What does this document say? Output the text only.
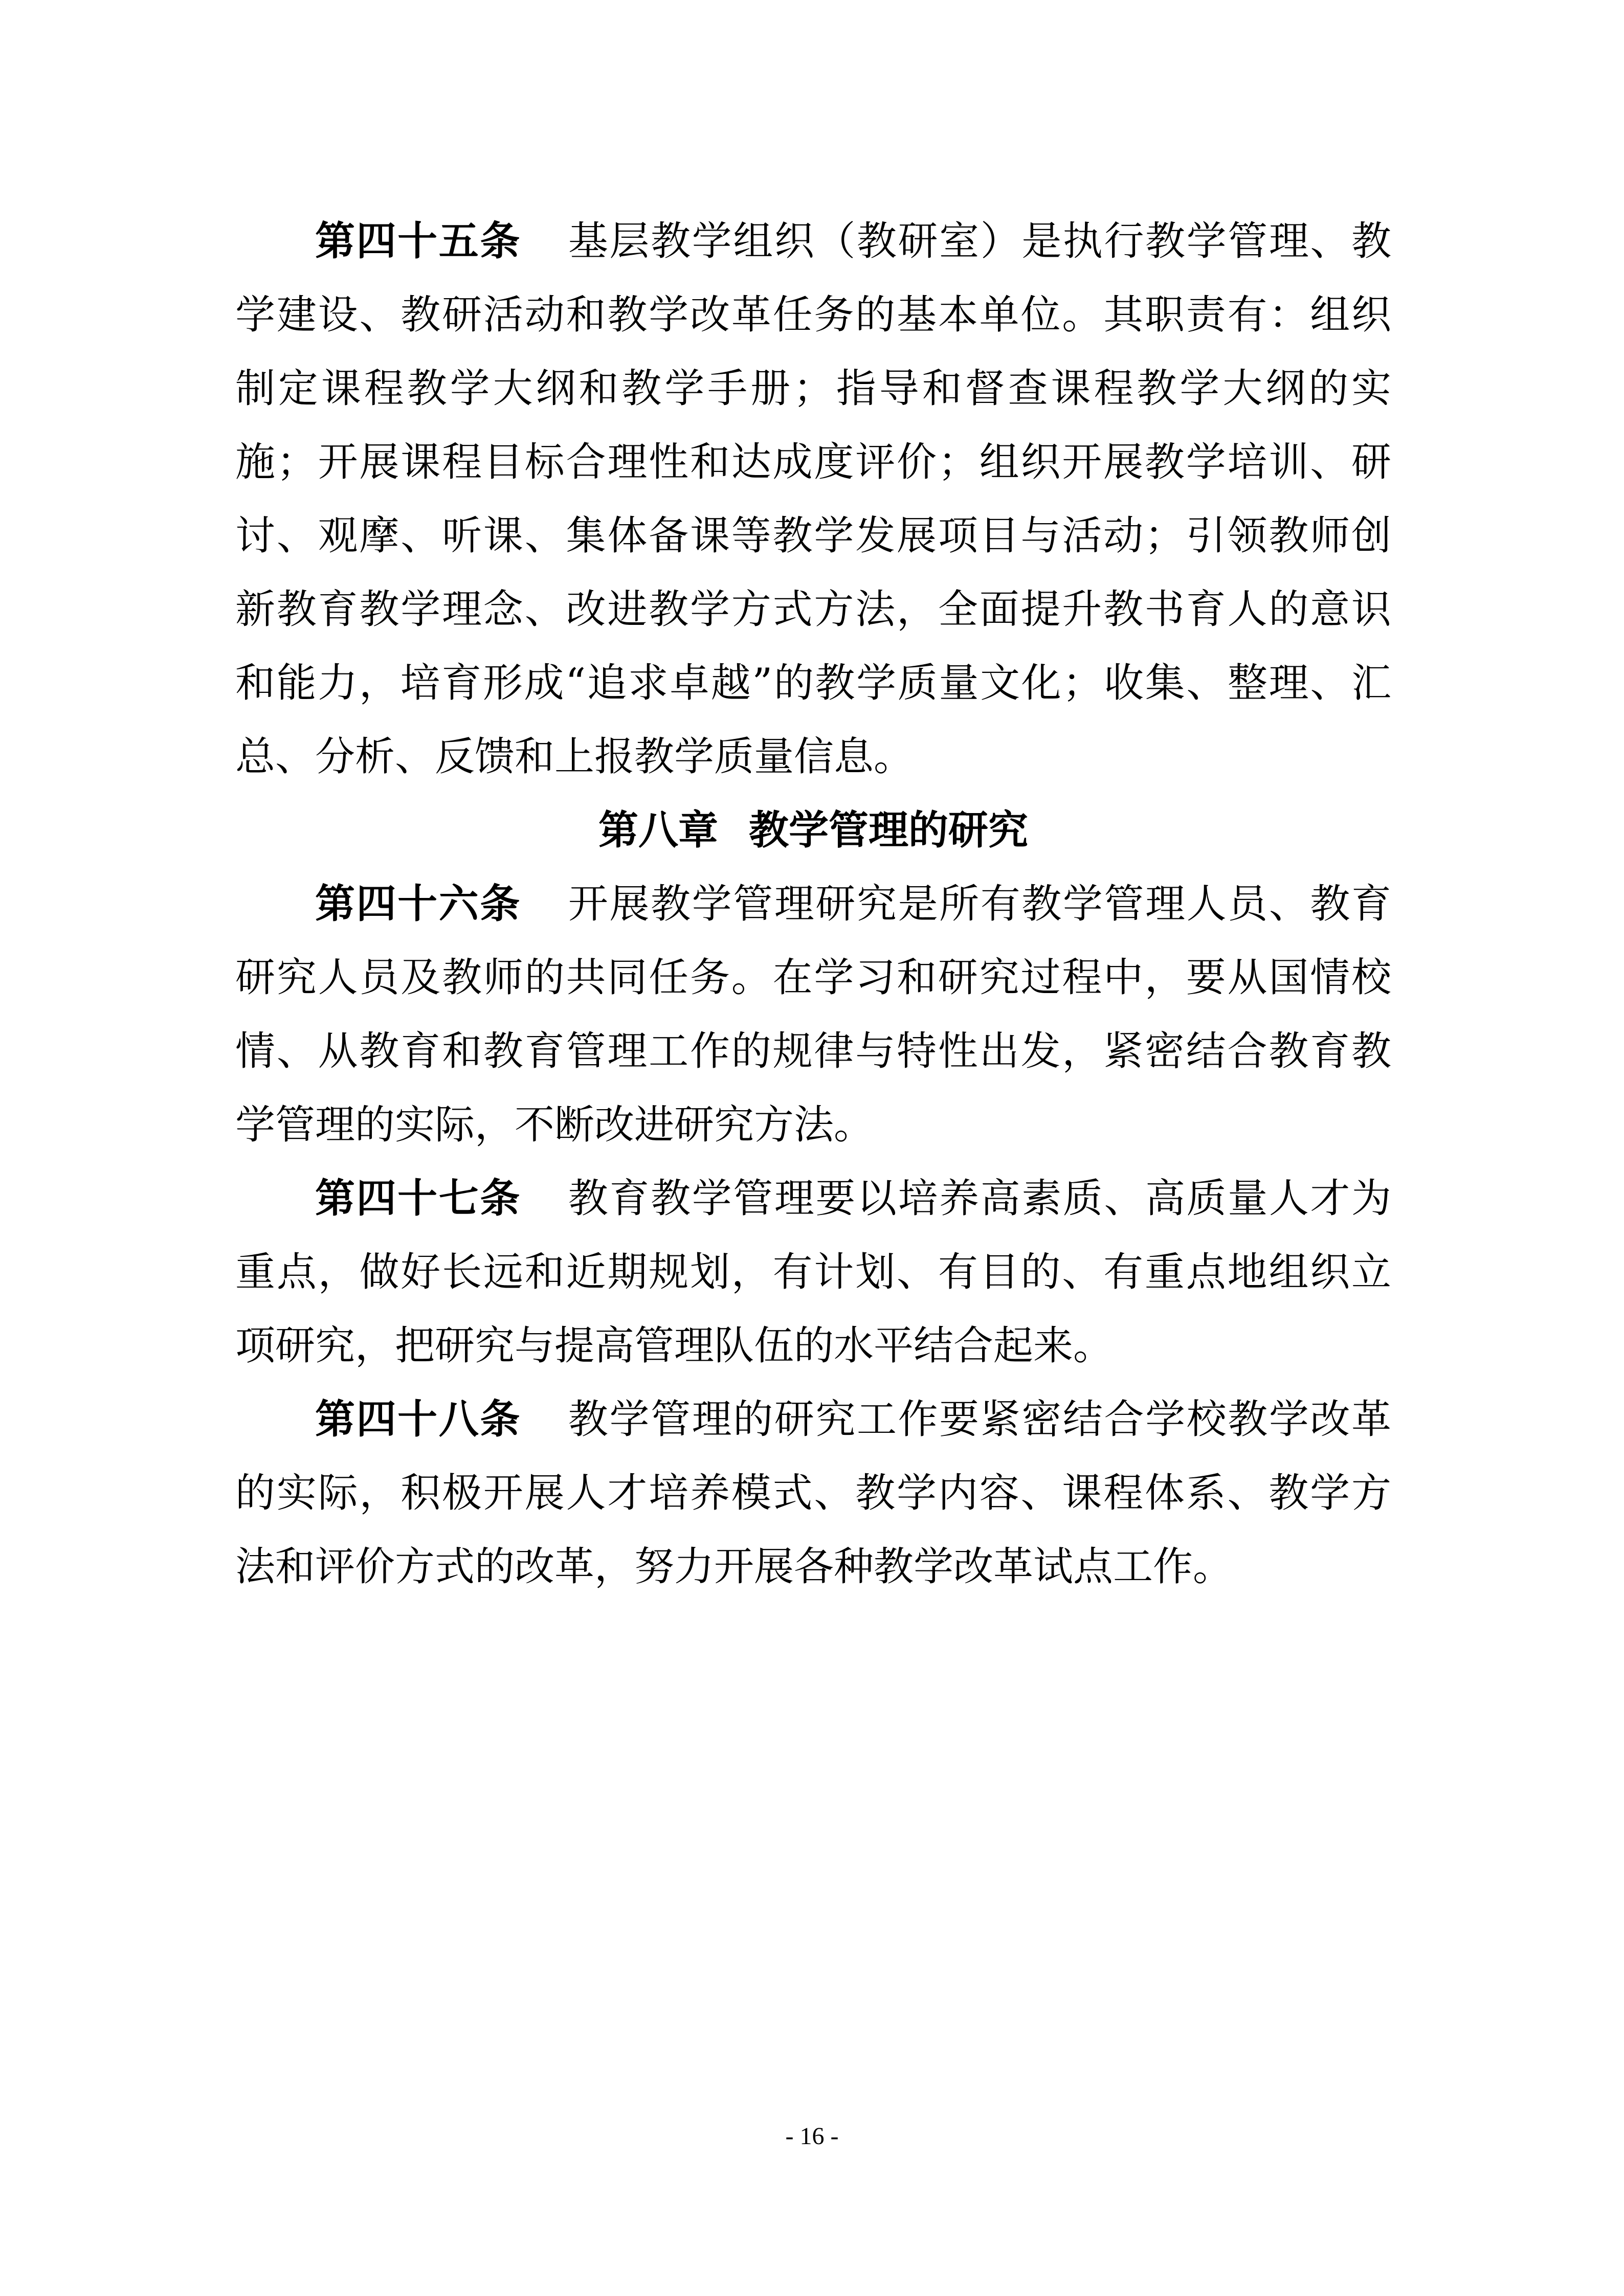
第四十五条 基层教学组织（教研室）是执行教学管理、教学建设、教研活动和教学改革任务的基本单位。其职责有：组织制定课程教学大纲和教学手册；指导和督查课程教学大纲的实施；开展课程目标合理性和达成度评价；组织开展教学培训、研讨、观摩、听课、集体备课等教学发展项目与活动；引领教师创新教育教学理念、改进教学方式方法，全面提升教书育人的意识和能力，培育形成“追求卓越”的教学质量文化；收集、整理、汇总、分析、反馈和上报教学质量信息。

第八章 教学管理的研究

第四十六条 开展教学管理研究是所有教学管理人员、教育研究人员及教师的共同任务。在学习和研究过程中，要从国情校情、从教育和教育管理工作的规律与特性出发，紧密结合教育教学管理的实际，不断改进研究方法。

第四十七条 教育教学管理要以培养高素质、高质量人才为重点，做好长远和近期规划，有计划、有目的、有重点地组织立项研究，把研究与提高管理队伍的水平结合起来。

第四十八条 教学管理的研究工作要紧密结合学校教学改革的实际，积极开展人才培养模式、教学内容、课程体系、教学方法和评价方式的改革，努力开展各种教学改革试点工作。

- 16 -
